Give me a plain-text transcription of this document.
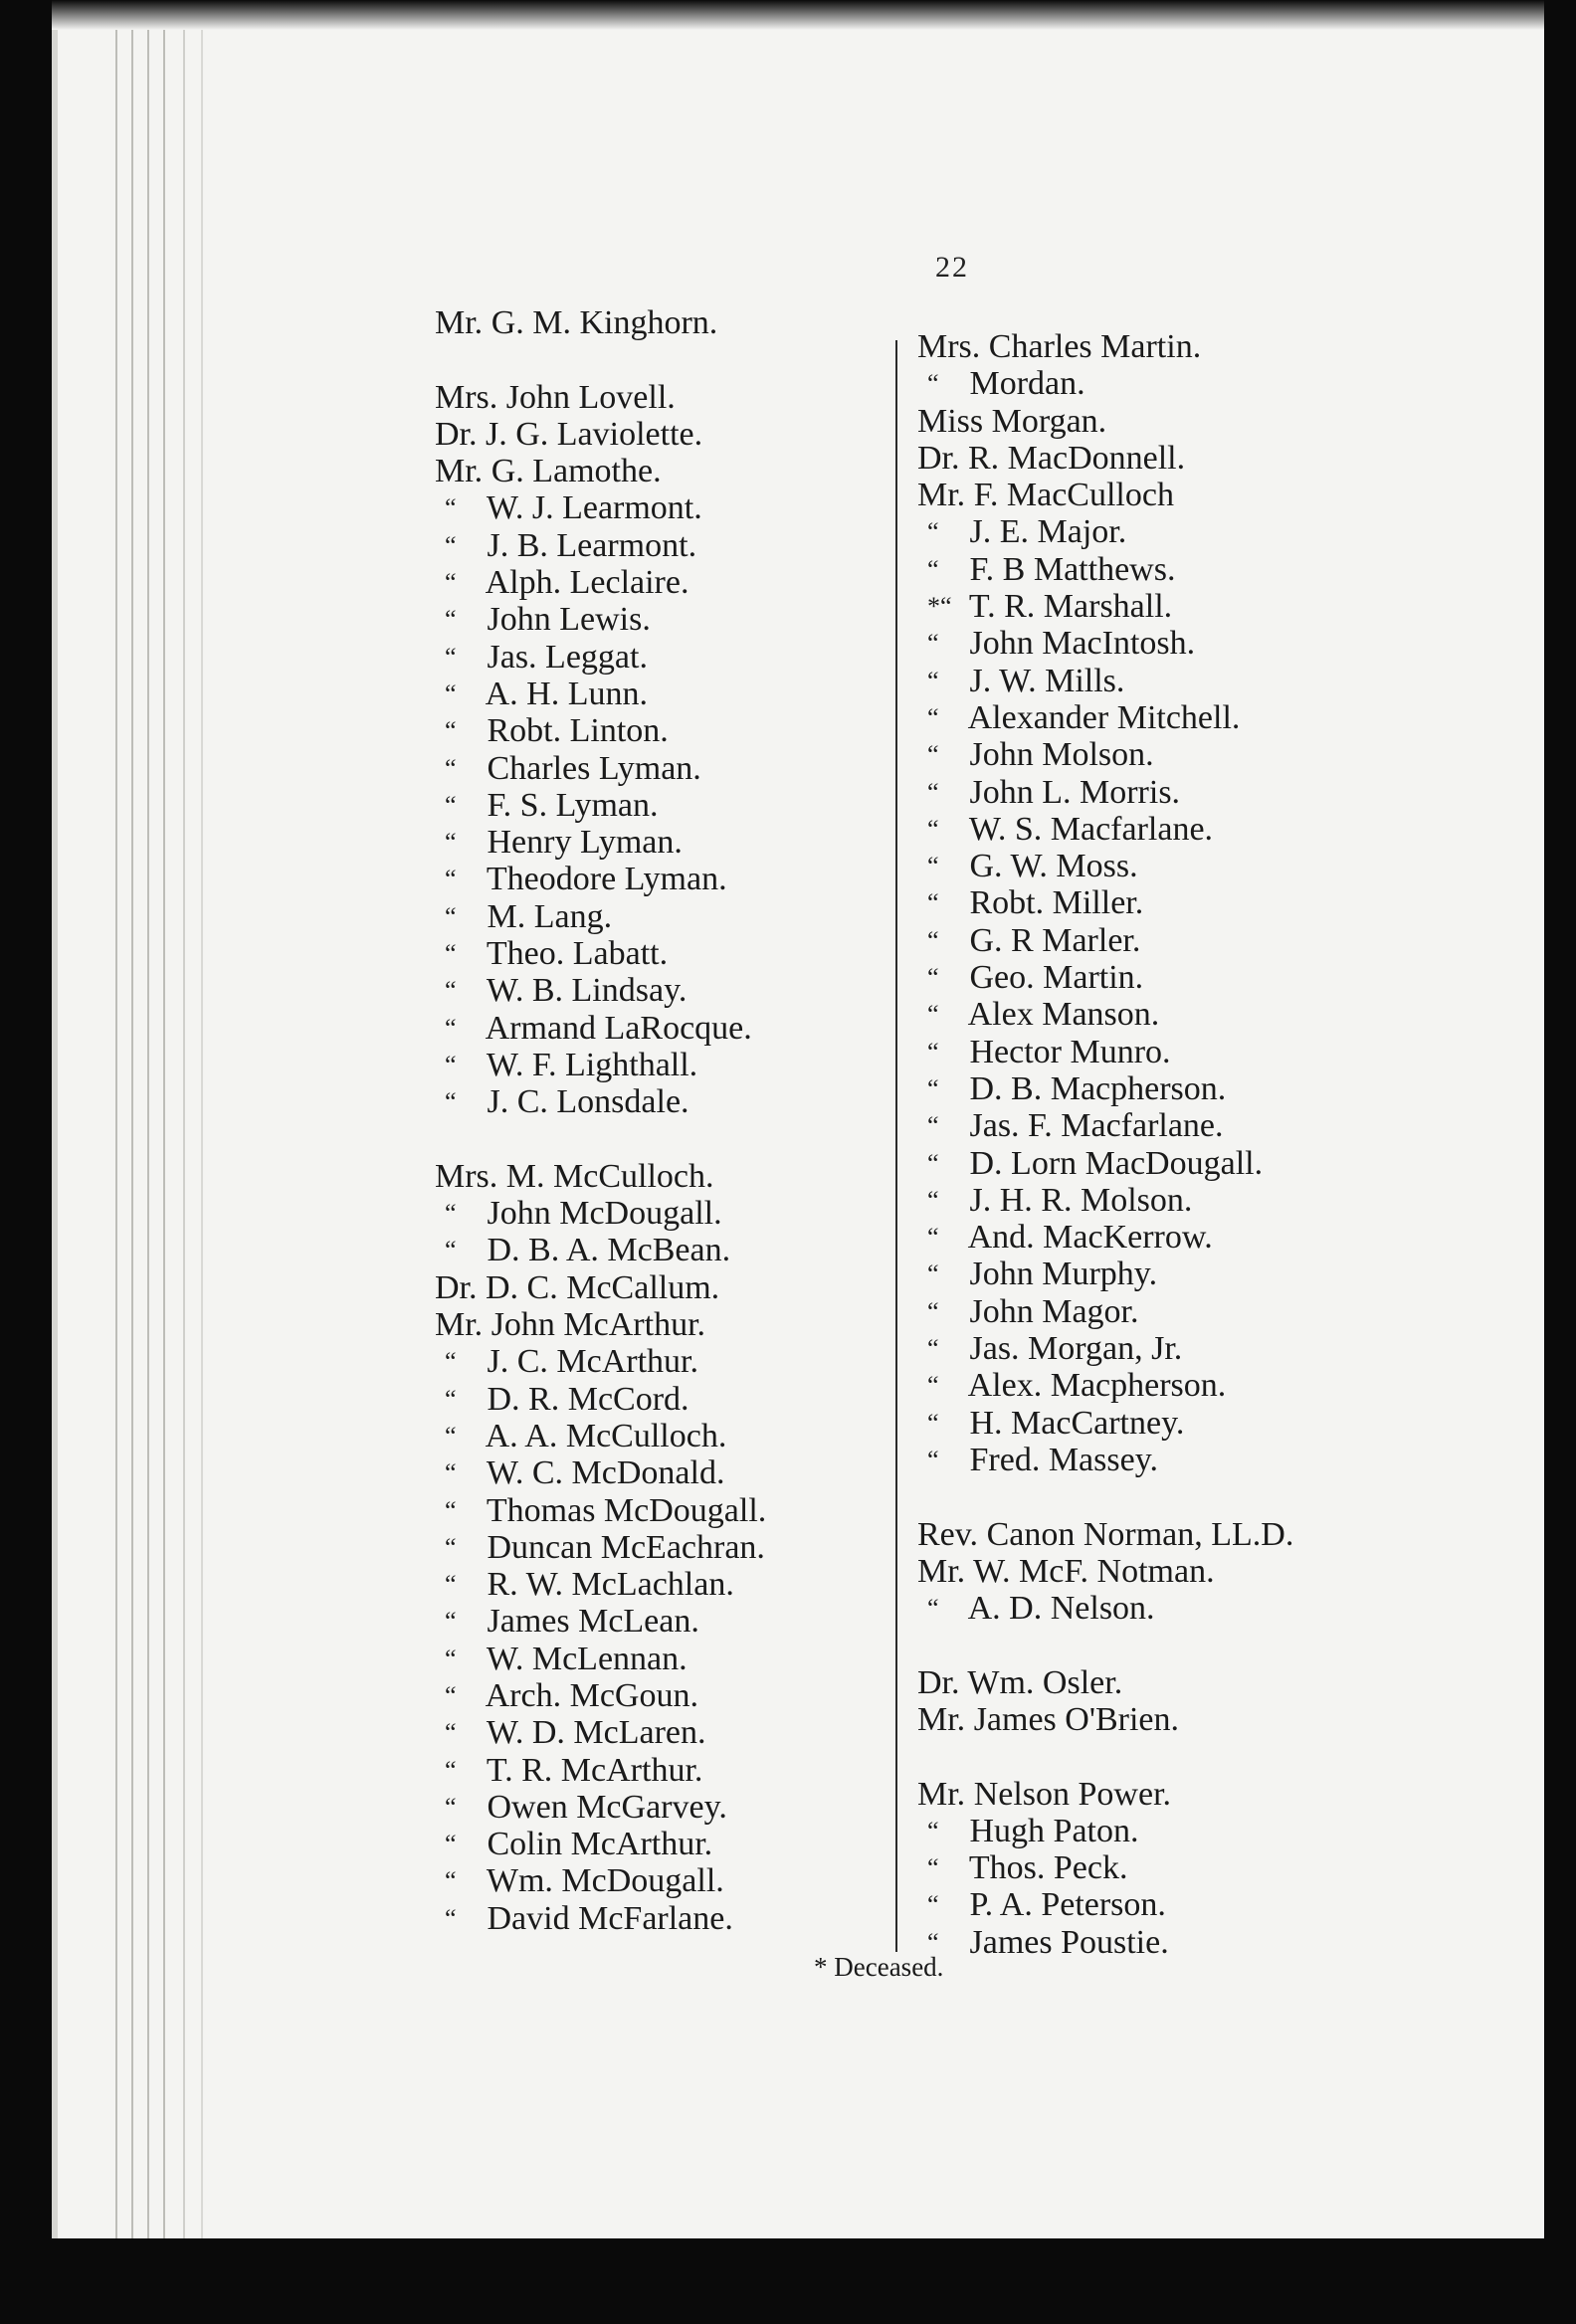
22
Mr. G. M. Kinghorn.
Mrs. John Lovell.
Dr. J. G. Laviolette.
Mr. G. Lamothe.
“ W. J. Learmont.
“ J. B. Learmont.
“ Alph. Leclaire.
“ John Lewis.
“ Jas. Leggat.
“ A. H. Lunn.
“ Robt. Linton.
“ Charles Lyman.
“ F. S. Lyman.
“ Henry Lyman.
“ Theodore Lyman.
“ M. Lang.
“ Theo. Labatt.
“ W. B. Lindsay.
“ Armand LaRocque.
“ W. F. Lighthall.
“ J. C. Lonsdale.
Mrs. M. McCulloch.
“ John McDougall.
“ D. B. A. McBean.
Dr. D. C. McCallum.
Mr. John McArthur.
“ J. C. McArthur.
“ D. R. McCord.
“ A. A. McCulloch.
“ W. C. McDonald.
“ Thomas McDougall.
“ Duncan McEachran.
“ R. W. McLachlan.
“ James McLean.
“ W. McLennan.
“ Arch. McGoun.
“ W. D. McLaren.
“ T. R. McArthur.
“ Owen McGarvey.
“ Colin McArthur.
“ Wm. McDougall.
“ David McFarlane.
Mrs. Charles Martin.
“ Mordan.
Miss Morgan.
Dr. R. MacDonnell.
Mr. F. MacCulloch
“ J. E. Major.
“ F. B Matthews.
*“ T. R. Marshall.
“ John MacIntosh.
“ J. W. Mills.
“ Alexander Mitchell.
“ John Molson.
“ John L. Morris.
“ W. S. Macfarlane.
“ G. W. Moss.
“ Robt. Miller.
“ G. R Marler.
“ Geo. Martin.
“ Alex Manson.
“ Hector Munro.
“ D. B. Macpherson.
“ Jas. F. Macfarlane.
“ D. Lorn MacDougall.
“ J. H. R. Molson.
“ And. MacKerrow.
“ John Murphy.
“ John Magor.
“ Jas. Morgan, Jr.
“ Alex. Macpherson.
“ H. MacCartney.
“ Fred. Massey.
Rev. Canon Norman, LL.D.
Mr. W. McF. Notman.
“ A. D. Nelson.
Dr. Wm. Osler.
Mr. James O'Brien.
Mr. Nelson Power.
“ Hugh Paton.
“ Thos. Peck.
“ P. A. Peterson.
“ James Poustie.
* Deceased.
